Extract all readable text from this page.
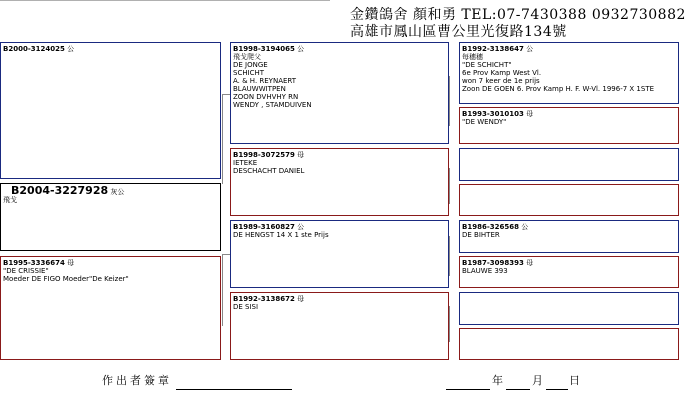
金鑽鴿舍 顏和勇 TEL:07-7430388 0932730882
高雄市鳳山區曹公里光復路134號
B2000-3124025 公
B2004-3227928 灰公
飛戈
B1995-3336674 母
"DE CRISSIE"
Moeder DE FIGO Moeder"De Keizer"
B1998-3194065 公
飛戈爬父
DE JONGE
SCHICHT
A. & H. REYNAERT
BLAUWWITPEN
ZOON DVHVHY RN
WENDY , STAMDUIVEN
B1998-3072579 母
IETEKE
DESCHACHT DANIEL
B1989-3160827 公
DE HENGST 14 X 1 ste Prijs
B1992-3138672 母
DE SISI
B1992-3138647 公
每穗穗
"DE SCHICHT"
6e Prov Kamp West Vl.
won 7 keer de 1e prijs
Zoon DE GOEN 6. Prov Kamp H. F. W-Vl. 1996-7 X 1STE
B1993-3010103 母
"DE WENDY"
B1986-326568 公
DE BIHTER
B1987-3098393 母
BLAUWE 393
作出者簽章	年	月 日
